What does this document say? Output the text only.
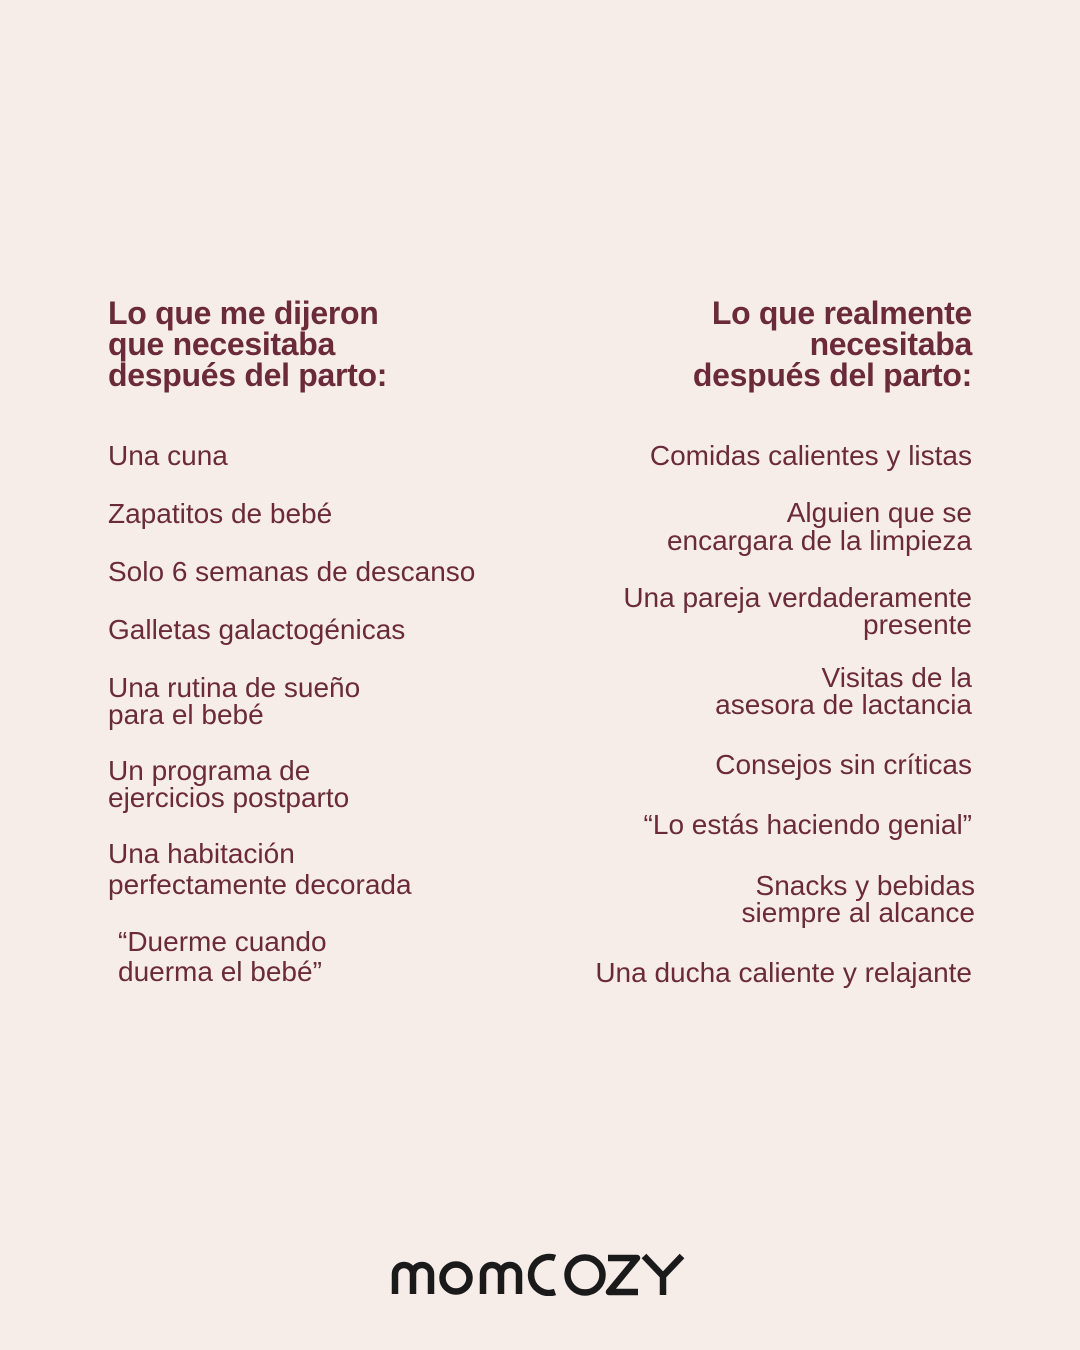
Lo que me dijeron
que necesitaba
después del parto:
Una cuna
Zapatitos de bebé
Solo 6 semanas de descanso
Galletas galactogénicas
Una rutina de sueño
para el bebé
Un programa de
ejercicios postparto
Una habitación
perfectamente decorada
“Duerme cuando
duerma el bebé”
Lo que realmente
necesitaba
después del parto:
Comidas calientes y listas
Alguien que se
encargara de la limpieza
Una pareja verdaderamente
presente
Visitas de la
asesora de lactancia
Consejos sin críticas
“Lo estás haciendo genial”
Snacks y bebidas
siempre al alcance
Una ducha caliente y relajante
